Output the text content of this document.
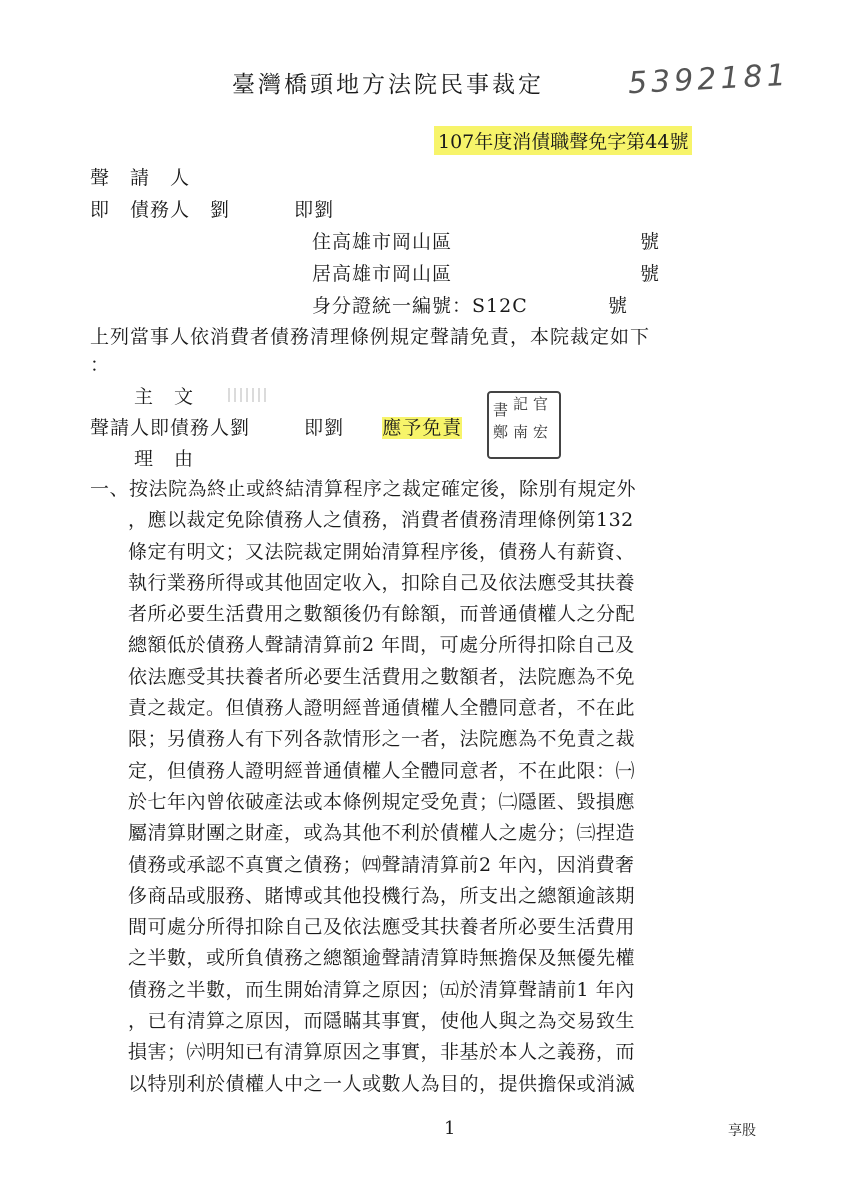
臺灣橋頭地方法院民事裁定	5392181
107年度消債職聲免字第44號
聲　請　人
即　債務人　劉	即劉
住高雄市岡山區	號
居高雄市岡山區	號
身分證統一編號：S12C	號
上列當事人依消費者債務清理條例規定聲請免責，本院裁定如下
：
主　文
聲請人即債務人劉	即劉 應予免責
官
記
書
鄭 南 宏
理　由
一、按法院為終止或終結清算程序之裁定確定後，除別有規定外
，應以裁定免除債務人之債務，消費者債務清理條例第132
條定有明文；又法院裁定開始清算程序後，債務人有薪資、
執行業務所得或其他固定收入，扣除自己及依法應受其扶養
者所必要生活費用之數額後仍有餘額，而普通債權人之分配
總額低於債務人聲請清算前2 年間，可處分所得扣除自己及
依法應受其扶養者所必要生活費用之數額者，法院應為不免
責之裁定。但債務人證明經普通債權人全體同意者，不在此
限；另債務人有下列各款情形之一者，法院應為不免責之裁
定，但債務人證明經普通債權人全體同意者，不在此限：㈠
於七年內曾依破產法或本條例規定受免責；㈡隱匿、毀損應
屬清算財團之財產，或為其他不利於債權人之處分；㈢捏造
債務或承認不真實之債務；㈣聲請清算前2 年內，因消費奢
侈商品或服務、賭博或其他投機行為，所支出之總額逾該期
間可處分所得扣除自己及依法應受其扶養者所必要生活費用
之半數，或所負債務之總額逾聲請清算時無擔保及無優先權
債務之半數，而生開始清算之原因；㈤於清算聲請前1 年內
，已有清算之原因，而隱瞞其事實，使他人與之為交易致生
損害；㈥明知已有清算原因之事實，非基於本人之義務，而
以特別利於債權人中之一人或數人為目的，提供擔保或消滅
1	享股
